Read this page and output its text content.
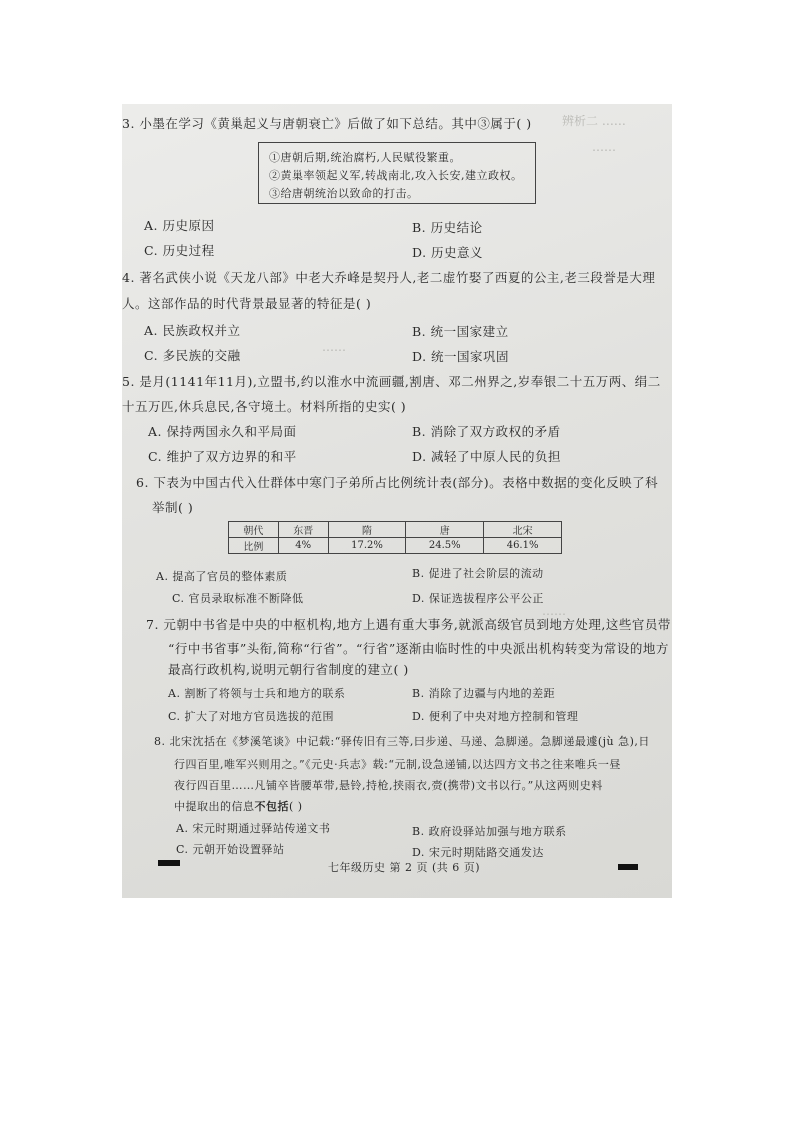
辨析二 ……
……
……
……
3. 小墨在学习《黄巢起义与唐朝衰亡》后做了如下总结。其中③属于( )
①唐朝后期,统治腐朽,人民赋役繁重。
②黄巢率领起义军,转战南北,攻入长安,建立政权。
③给唐朝统治以致命的打击。
A. 历史原因	B. 历史结论
C. 历史过程	D. 历史意义
4. 著名武侠小说《天龙八部》中老大乔峰是契丹人,老二虚竹娶了西夏的公主,老三段誉是大理
人。这部作品的时代背景最显著的特征是( )
A. 民族政权并立	B. 统一国家建立
C. 多民族的交融	D. 统一国家巩固
5. 是月(1141年11月),立盟书,约以淮水中流画疆,割唐、邓二州界之,岁奉银二十五万两、绢二
十五万匹,休兵息民,各守境土。材料所指的史实( )
A. 保持两国永久和平局面	B. 消除了双方政权的矛盾
C. 维护了双方边界的和平	D. 减轻了中原人民的负担
6. 下表为中国古代入仕群体中寒门子弟所占比例统计表(部分)。表格中数据的变化反映了科
举制( )
朝代	东晋	隋	唐	北宋
比例	4%	17.2%	24.5%	46.1%
A. 提高了官员的整体素质	B. 促进了社会阶层的流动
C. 官员录取标准不断降低	D. 保证选拔程序公平公正
7. 元朝中书省是中央的中枢机构,地方上遇有重大事务,就派高级官员到地方处理,这些官员带
“行中书省事”头衔,简称“行省”。“行省”逐渐由临时性的中央派出机构转变为常设的地方
最高行政机构,说明元朝行省制度的建立( )
A. 割断了将领与士兵和地方的联系	B. 消除了边疆与内地的差距
C. 扩大了对地方官员选拔的范围	D. 便利了中央对地方控制和管理
8. 北宋沈括在《梦溪笔谈》中记载:“驿传旧有三等,曰步递、马递、急脚递。急脚递最遽(jù 急),日
行四百里,唯军兴则用之。”《元史·兵志》载:“元制,设急递铺,以达四方文书之往来唯兵一昼
夜行四百里……凡铺卒皆腰革带,悬铃,持枪,挟雨衣,赍(携带)文书以行。”从这两则史料
中提取出的信息不包括( )
A. 宋元时期通过驿站传递文书	B. 政府设驿站加强与地方联系
C. 元朝开始设置驿站	D. 宋元时期陆路交通发达
七年级历史 第 2 页 (共 6 页)
